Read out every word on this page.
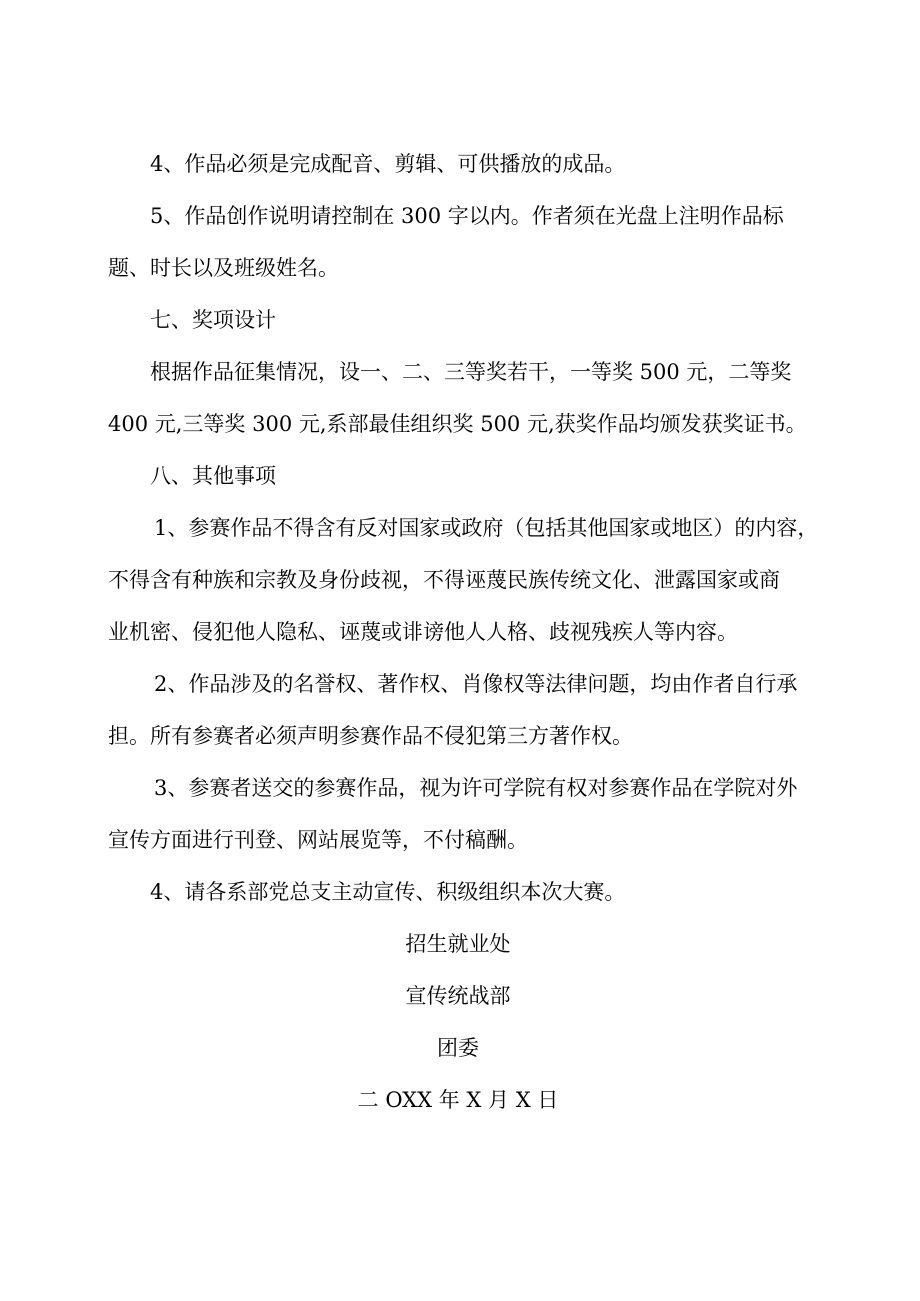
4、作品必须是完成配音、剪辑、可供播放的成品。

5、作品创作说明请控制在 300 字以内。作者须在光盘上注明作品标

题、时长以及班级姓名。

七、奖项设计

根据作品征集情况，设一、二、三等奖若干，一等奖 500 元，二等奖

400 元,三等奖 300 元,系部最佳组织奖 500 元,获奖作品均颁发获奖证书。

八、其他事项

1、参赛作品不得含有反对国家或政府（包括其他国家或地区）的内容，

不得含有种族和宗教及身份歧视，不得诬蔑民族传统文化、泄露国家或商

业机密、侵犯他人隐私、诬蔑或诽谤他人人格、歧视残疾人等内容。

2、作品涉及的名誉权、著作权、肖像权等法律问题，均由作者自行承

担。所有参赛者必须声明参赛作品不侵犯第三方著作权。

3、参赛者送交的参赛作品，视为许可学院有权对参赛作品在学院对外

宣传方面进行刊登、网站展览等，不付稿酬。

4、请各系部党总支主动宣传、积级组织本次大赛。

招生就业处

宣传统战部

团委

二 OXX 年 X 月 X 日
